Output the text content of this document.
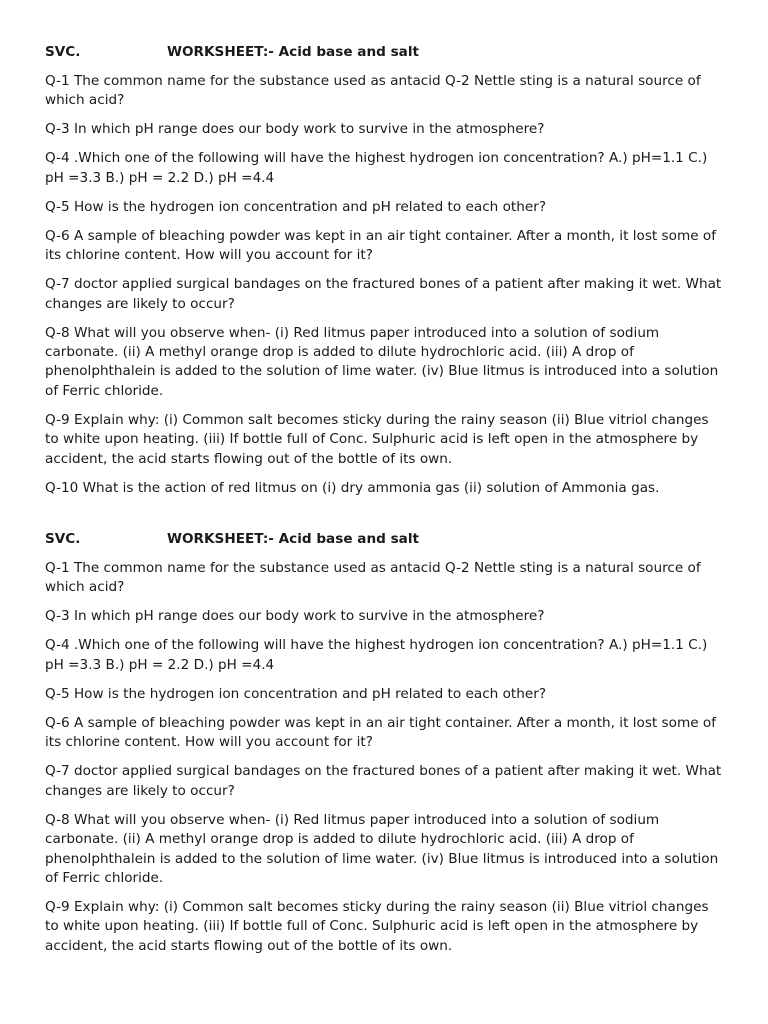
SVC.	WORKSHEET:- Acid base and salt

Q-1 The common name for the substance used as antacid Q-2 Nettle sting is a natural source of which acid?

Q-3 In which pH range does our body work to survive in the atmosphere?

Q-4 .Which one of the following will have the highest hydrogen ion concentration? A.) pH=1.1 C.) pH =3.3 B.) pH = 2.2 D.) pH =4.4

Q-5 How is the hydrogen ion concentration and pH related to each other?

Q-6 A sample of bleaching powder was kept in an air tight container. After a month, it lost some of its chlorine content. How will you account for it?

Q-7 doctor applied surgical bandages on the fractured bones of a patient after making it wet. What changes are likely to occur?

Q-8 What will you observe when- (i) Red litmus paper introduced into a solution of sodium carbonate. (ii) A methyl orange drop is added to dilute hydrochloric acid. (iii) A drop of phenolphthalein is added to the solution of lime water. (iv) Blue litmus is introduced into a solution of Ferric chloride.

Q-9 Explain why: (i) Common salt becomes sticky during the rainy season (ii) Blue vitriol changes to white upon heating. (iii) If bottle full of Conc. Sulphuric acid is left open in the atmosphere by accident, the acid starts flowing out of the bottle of its own.

Q-10 What is the action of red litmus on (i) dry ammonia gas (ii) solution of Ammonia gas.

SVC.	WORKSHEET:- Acid base and salt

Q-1 The common name for the substance used as antacid Q-2 Nettle sting is a natural source of which acid?

Q-3 In which pH range does our body work to survive in the atmosphere?

Q-4 .Which one of the following will have the highest hydrogen ion concentration? A.) pH=1.1 C.) pH =3.3 B.) pH = 2.2 D.) pH =4.4

Q-5 How is the hydrogen ion concentration and pH related to each other?

Q-6 A sample of bleaching powder was kept in an air tight container. After a month, it lost some of its chlorine content. How will you account for it?

Q-7 doctor applied surgical bandages on the fractured bones of a patient after making it wet. What changes are likely to occur?

Q-8 What will you observe when- (i) Red litmus paper introduced into a solution of sodium carbonate. (ii) A methyl orange drop is added to dilute hydrochloric acid. (iii) A drop of phenolphthalein is added to the solution of lime water. (iv) Blue litmus is introduced into a solution of Ferric chloride.

Q-9 Explain why: (i) Common salt becomes sticky during the rainy season (ii) Blue vitriol changes to white upon heating. (iii) If bottle full of Conc. Sulphuric acid is left open in the atmosphere by accident, the acid starts flowing out of the bottle of its own.
